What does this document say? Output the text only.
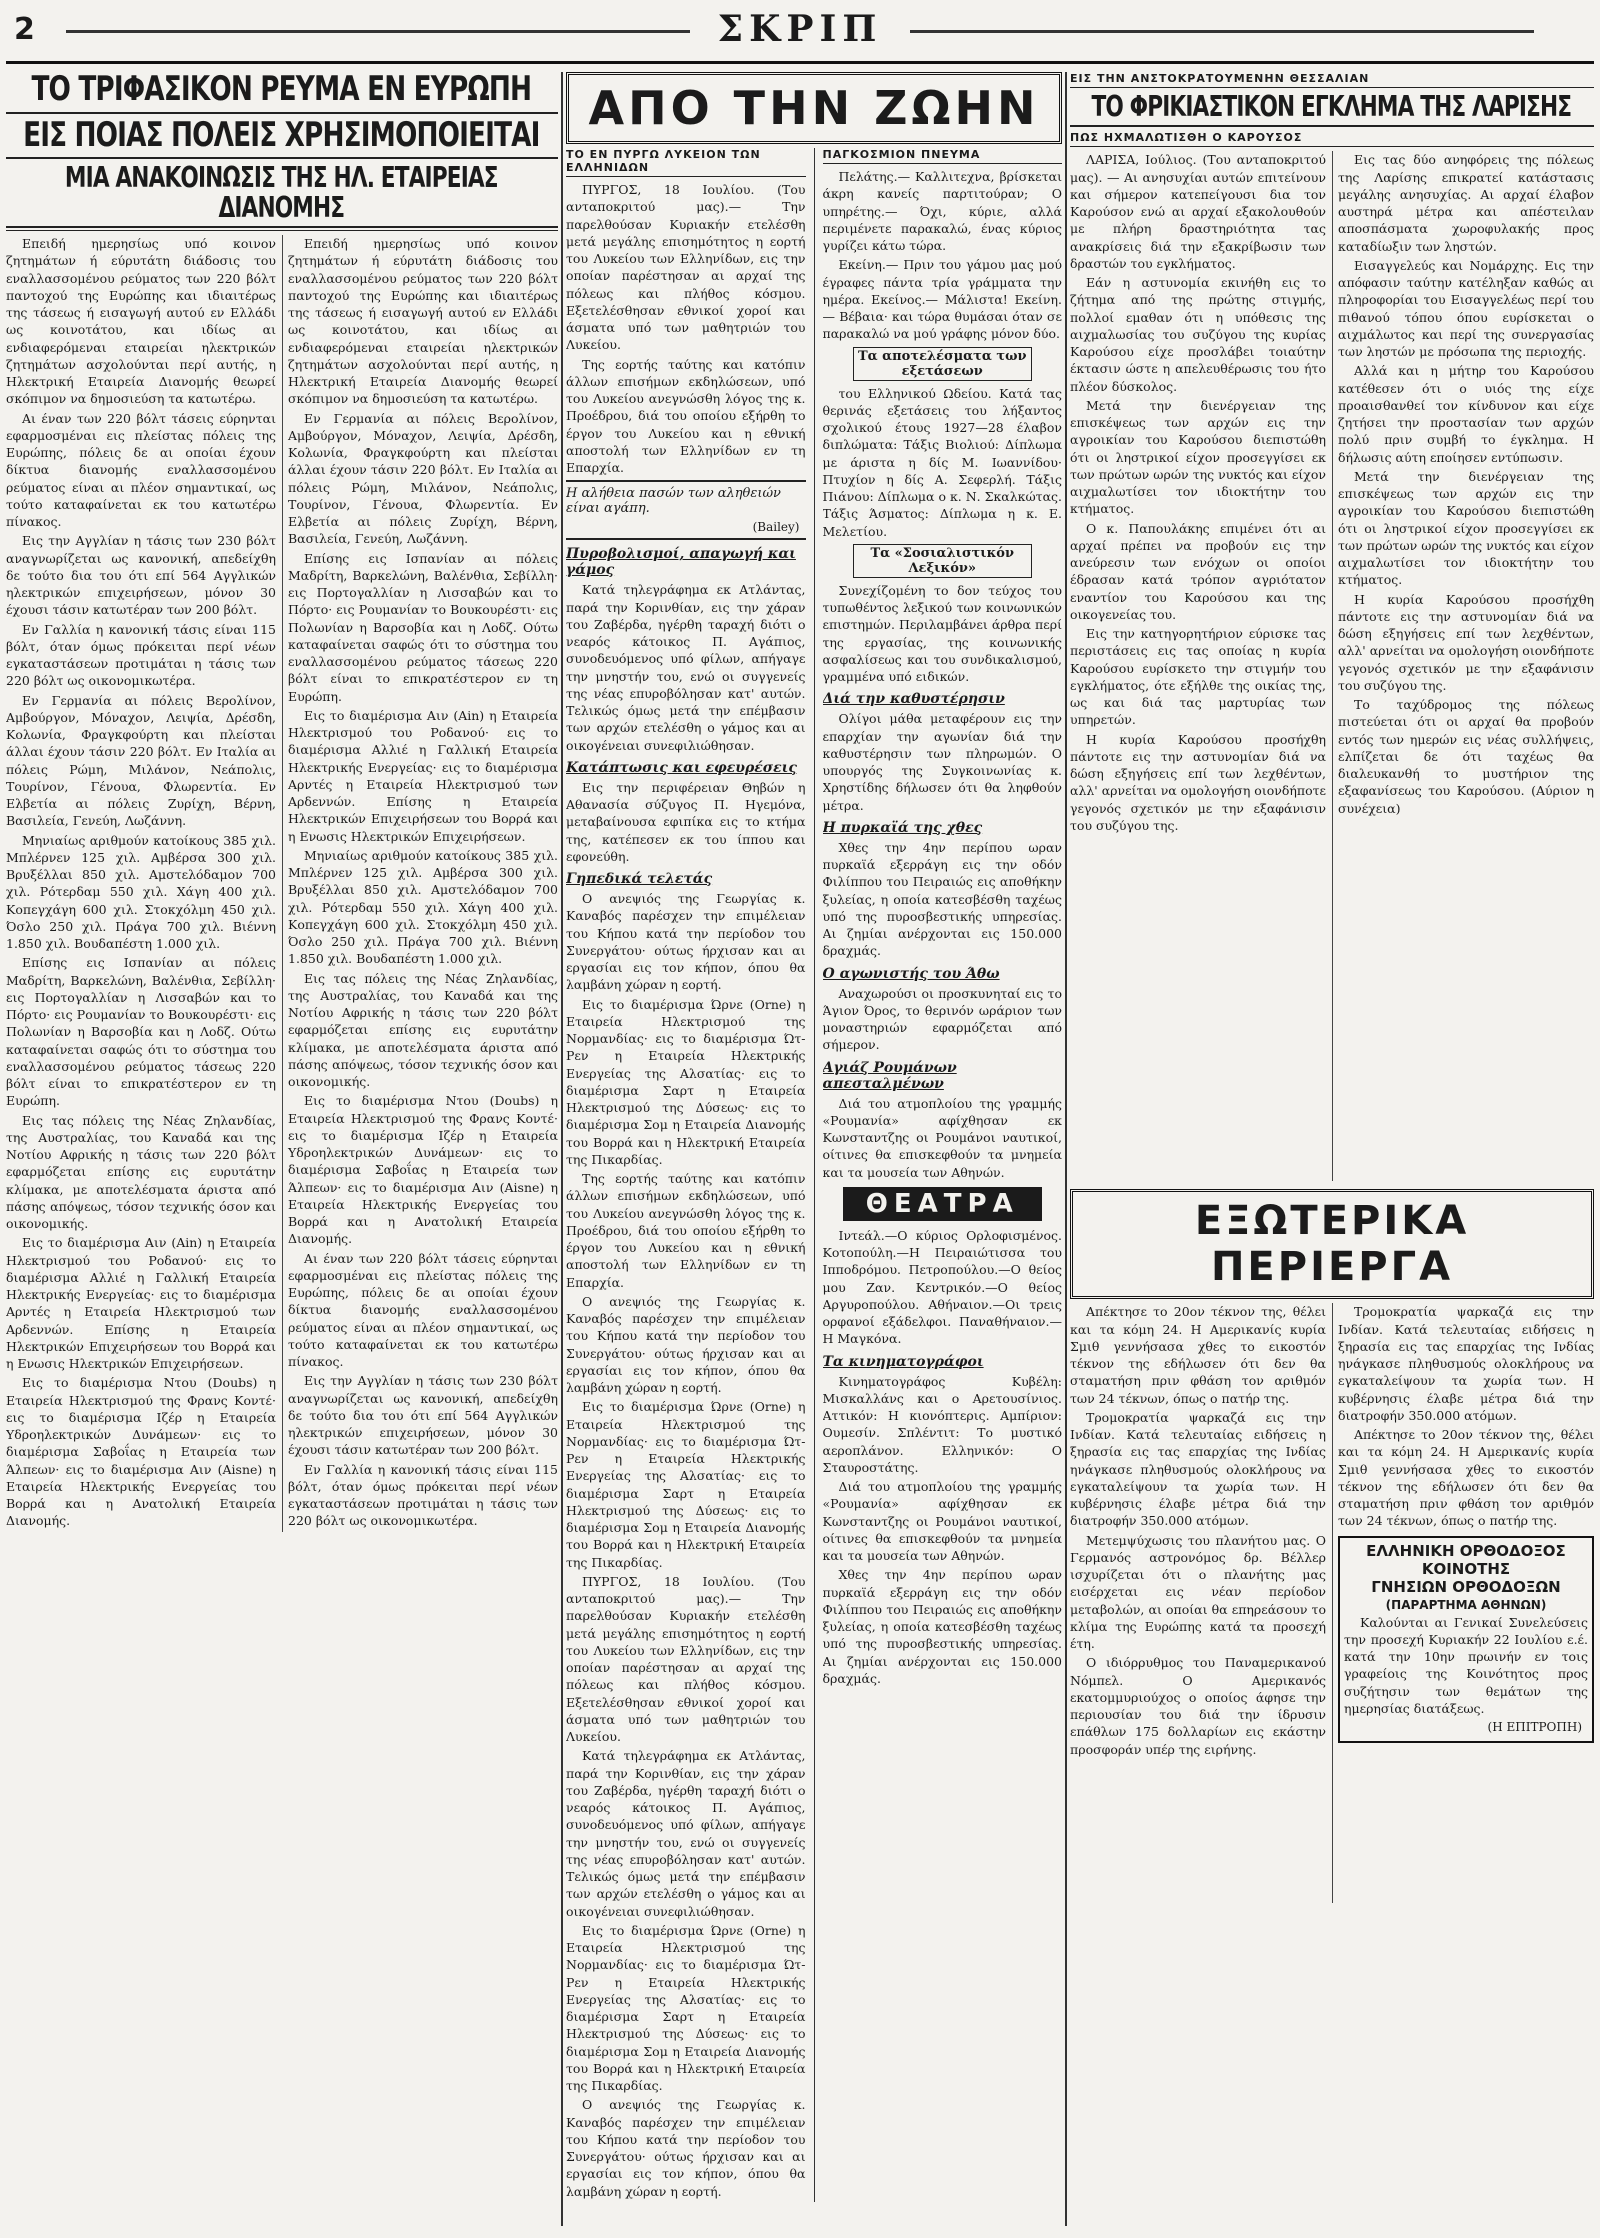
2	ΣΚΡΙΠ
ΤΟ ΤΡΙΦΑΣΙΚΟΝ ΡΕΥΜΑ ΕΝ ΕΥΡΩΠΗ
ΕΙΣ ΠΟΙΑΣ ΠΟΛΕΙΣ ΧΡΗΣΙΜΟΠΟΙΕΙΤΑΙ
ΜΙΑ ΑΝΑΚΟΙΝΩΣΙΣ ΤΗΣ ΗΛ. ΕΤΑΙΡΕΙΑΣ ΔΙΑΝΟΜΗΣ

Επειδή ημερησίως υπό κοινον ζητημάτων ή εύρυτάτη διάδοσις του εναλλασσομένου ρεύματος των 220 βόλτ παντοχού της Ευρώπης και ιδιαιτέρως της τάσεως ή εισαγωγή αυτού εν Ελλάδι ως κοινοτάτου, και ιδίως αι ενδιαφερόμεναι εταιρείαι ηλεκτρικών ζητημάτων ασχολούνται περί αυτής, η Ηλεκτρική Εταιρεία Διανομής θεωρεί σκόπιμον να δημοσιεύση τα κατωτέρω.

Αι έναν των 220 βόλτ τάσεις εύρηνται εφαρμοσμέναι εις πλείστας πόλεις της Ευρώπης, πόλεις δε αι οποίαι έχουν δίκτυα διανομής εναλλασσομένου ρεύματος είναι αι πλέον σημαντικαί, ως τούτο καταφαίνεται εκ του κατωτέρω πίνακος.

Εις την Αγγλίαν η τάσις των 230 βόλτ αναγνωρίζεται ως κανονική, απεδείχθη δε τούτο δια του ότι επί 564 Αγγλικών ηλεκτρικών επιχειρήσεων, μόνον 30 έχουσι τάσιν κατωτέραν των 200 βόλτ.

Εν Γαλλία η κανονική τάσις είναι 115 βόλτ, όταν όμως πρόκειται περί νέων εγκαταστάσεων προτιμάται η τάσις των 220 βόλτ ως οικονομικωτέρα.

Εν Γερμανία αι πόλεις Βερολίνον, Αμβούργον, Μόναχον, Λειψία, Δρέσδη, Κολωνία, Φραγκφούρτη και πλείσται άλλαι έχουν τάσιν 220 βόλτ. Εν Ιταλία αι πόλεις Ρώμη, Μιλάνον, Νεάπολις, Τουρίνον, Γένουα, Φλωρεντία. Εν Ελβετία αι πόλεις Ζυρίχη, Βέρνη, Βασιλεία, Γενεύη, Λωζάννη.

Μηνιαίως αριθμούν κατοίκους 385 χιλ. Μπλέρνεν 125 χιλ. Αμβέρσα 300 χιλ. Βρυξέλλαι 850 χιλ. Αμστελόδαμον 700 χιλ. Ρότερδαμ 550 χιλ. Χάγη 400 χιλ. Κοπεγχάγη 600 χιλ. Στοκχόλμη 450 χιλ. Όσλο 250 χιλ. Πράγα 700 χιλ. Βιέννη 1.850 χιλ. Βουδαπέστη 1.000 χιλ.

Επίσης εις Ισπανίαν αι πόλεις Μαδρίτη, Βαρκελώνη, Βαλένθια, Σεβίλλη· εις Πορτογαλλίαν η Λισσαβών και το Πόρτο· εις Ρουμανίαν το Βουκουρέστι· εις Πολωνίαν η Βαρσοβία και η Λοδζ. Ούτω καταφαίνεται σαφώς ότι το σύστημα του εναλλασσομένου ρεύματος τάσεως 220 βόλτ είναι το επικρατέστερον εν τη Ευρώπη.

Εις τας πόλεις της Νέας Ζηλανδίας, της Αυστραλίας, του Καναδά και της Νοτίου Αφρικής η τάσις των 220 βόλτ εφαρμόζεται επίσης εις ευρυτάτην κλίμακα, με αποτελέσματα άριστα από πάσης απόψεως, τόσον τεχνικής όσον και οικονομικής.

Εις το διαμέρισμα Αιν (Ain) η Εταιρεία Ηλεκτρισμού του Ροδανού· εις το διαμέρισμα Αλλιέ η Γαλλική Εταιρεία Ηλεκτρικής Ενεργείας· εις το διαμέρισμα Αρντές η Εταιρεία Ηλεκτρισμού των Αρδεννών. Επίσης η Εταιρεία Ηλεκτρικών Επιχειρήσεων του Βορρά και η Ενωσις Ηλεκτρικών Επιχειρήσεων.

Εις το διαμέρισμα Ντου (Doubs) η Εταιρεία Ηλεκτρισμού της Φρανς Κοντέ· εις το διαμέρισμα Ιζέρ η Εταιρεία Υδροηλεκτρικών Δυνάμεων· εις το διαμέρισμα Σαβοΐας η Εταιρεία των Άλπεων· εις το διαμέρισμα Αιν (Aisne) η Εταιρεία Ηλεκτρικής Ενεργείας του Βορρά και η Ανατολική Εταιρεία Διανομής.

Επειδή ημερησίως υπό κοινον ζητημάτων ή εύρυτάτη διάδοσις του εναλλασσομένου ρεύματος των 220 βόλτ παντοχού της Ευρώπης και ιδιαιτέρως της τάσεως ή εισαγωγή αυτού εν Ελλάδι ως κοινοτάτου, και ιδίως αι ενδιαφερόμεναι εταιρείαι ηλεκτρικών ζητημάτων ασχολούνται περί αυτής, η Ηλεκτρική Εταιρεία Διανομής θεωρεί σκόπιμον να δημοσιεύση τα κατωτέρω.

Εν Γερμανία αι πόλεις Βερολίνον, Αμβούργον, Μόναχον, Λειψία, Δρέσδη, Κολωνία, Φραγκφούρτη και πλείσται άλλαι έχουν τάσιν 220 βόλτ. Εν Ιταλία αι πόλεις Ρώμη, Μιλάνον, Νεάπολις, Τουρίνον, Γένουα, Φλωρεντία. Εν Ελβετία αι πόλεις Ζυρίχη, Βέρνη, Βασιλεία, Γενεύη, Λωζάννη.

Επίσης εις Ισπανίαν αι πόλεις Μαδρίτη, Βαρκελώνη, Βαλένθια, Σεβίλλη· εις Πορτογαλλίαν η Λισσαβών και το Πόρτο· εις Ρουμανίαν το Βουκουρέστι· εις Πολωνίαν η Βαρσοβία και η Λοδζ. Ούτω καταφαίνεται σαφώς ότι το σύστημα του εναλλασσομένου ρεύματος τάσεως 220 βόλτ είναι το επικρατέστερον εν τη Ευρώπη.

Εις το διαμέρισμα Αιν (Ain) η Εταιρεία Ηλεκτρισμού του Ροδανού· εις το διαμέρισμα Αλλιέ η Γαλλική Εταιρεία Ηλεκτρικής Ενεργείας· εις το διαμέρισμα Αρντές η Εταιρεία Ηλεκτρισμού των Αρδεννών. Επίσης η Εταιρεία Ηλεκτρικών Επιχειρήσεων του Βορρά και η Ενωσις Ηλεκτρικών Επιχειρήσεων.

Μηνιαίως αριθμούν κατοίκους 385 χιλ. Μπλέρνεν 125 χιλ. Αμβέρσα 300 χιλ. Βρυξέλλαι 850 χιλ. Αμστελόδαμον 700 χιλ. Ρότερδαμ 550 χιλ. Χάγη 400 χιλ. Κοπεγχάγη 600 χιλ. Στοκχόλμη 450 χιλ. Όσλο 250 χιλ. Πράγα 700 χιλ. Βιέννη 1.850 χιλ. Βουδαπέστη 1.000 χιλ.

Εις τας πόλεις της Νέας Ζηλανδίας, της Αυστραλίας, του Καναδά και της Νοτίου Αφρικής η τάσις των 220 βόλτ εφαρμόζεται επίσης εις ευρυτάτην κλίμακα, με αποτελέσματα άριστα από πάσης απόψεως, τόσον τεχνικής όσον και οικονομικής.

Εις το διαμέρισμα Ντου (Doubs) η Εταιρεία Ηλεκτρισμού της Φρανς Κοντέ· εις το διαμέρισμα Ιζέρ η Εταιρεία Υδροηλεκτρικών Δυνάμεων· εις το διαμέρισμα Σαβοΐας η Εταιρεία των Άλπεων· εις το διαμέρισμα Αιν (Aisne) η Εταιρεία Ηλεκτρικής Ενεργείας του Βορρά και η Ανατολική Εταιρεία Διανομής.

Αι έναν των 220 βόλτ τάσεις εύρηνται εφαρμοσμέναι εις πλείστας πόλεις της Ευρώπης, πόλεις δε αι οποίαι έχουν δίκτυα διανομής εναλλασσομένου ρεύματος είναι αι πλέον σημαντικαί, ως τούτο καταφαίνεται εκ του κατωτέρω πίνακος.

Εις την Αγγλίαν η τάσις των 230 βόλτ αναγνωρίζεται ως κανονική, απεδείχθη δε τούτο δια του ότι επί 564 Αγγλικών ηλεκτρικών επιχειρήσεων, μόνον 30 έχουσι τάσιν κατωτέραν των 200 βόλτ.

Εν Γαλλία η κανονική τάσις είναι 115 βόλτ, όταν όμως πρόκειται περί νέων εγκαταστάσεων προτιμάται η τάσις των 220 βόλτ ως οικονομικωτέρα.

ΑΠΟ ΤΗΝ ΖΩΗΝ
ΤΟ ΕΝ ΠΥΡΓΩ ΛΥΚΕΙΟΝ ΤΩΝ ΕΛΛΗΝΙΔΩΝ

ΠΥΡΓΟΣ, 18 Ιουλίου. (Του ανταποκριτού μας).— Την παρελθούσαν Κυριακήν ετελέσθη μετά μεγάλης επισημότητος η εορτή του Λυκείου των Ελληνίδων, εις την οποίαν παρέστησαν αι αρχαί της πόλεως και πλήθος κόσμου. Εξετελέσθησαν εθνικοί χοροί και άσματα υπό των μαθητριών του Λυκείου.

Της εορτής ταύτης και κατόπιν άλλων επισήμων εκδηλώσεων, υπό του Λυκείου ανεγνώσθη λόγος της κ. Προέδρου, διά του οποίου εξήρθη το έργον του Λυκείου και η εθνική αποστολή των Ελληνίδων εν τη Επαρχία.

Η αλήθεια πασών των αληθειών είναι αγάπη.
(Bailey)
Πυροβολισμοί, απαγωγή και γάμος

Κατά τηλεγράφημα εκ Ατλάντας, παρά την Κορινθίαν, εις την χάραν του Ζαβέρδα, ηγέρθη ταραχή διότι ο νεαρός κάτοικος Π. Αγάπιος, συνοδευόμενος υπό φίλων, απήγαγε την μνηστήν του, ενώ οι συγγενείς της νέας επυροβόλησαν κατ' αυτών. Τελικώς όμως μετά την επέμβασιν των αρχών ετελέσθη ο γάμος και αι οικογένειαι συνεφιλιώθησαν.

Κατάπτωσις και εφευρέσεις

Εις την περιφέρειαν Θηβών η Αθανασία σύζυγος Π. Ηγεμόνα, μεταβαίνουσα εφιπίκα εις το κτήμα της, κατέπεσεν εκ του ίππου και εφονεύθη.

Γηπεδικά τελετάς

Ο ανεψιός της Γεωργίας κ. Καναβός παρέσχεν την επιμέλειαν του Κήπου κατά την περίοδον του Συνεργάτου· ούτως ήρχισαν και αι εργασίαι εις τον κήπον, όπου θα λαμβάνη χώραν η εορτή.

Εις το διαμέρισμα Ώρνε (Orne) η Εταιρεία Ηλεκτρισμού της Νορμανδίας· εις το διαμέρισμα Ώτ-Ρεν η Εταιρεία Ηλεκτρικής Ενεργείας της Αλσατίας· εις το διαμέρισμα Σαρτ η Εταιρεία Ηλεκτρισμού της Δύσεως· εις το διαμέρισμα Σομ η Εταιρεία Διανομής του Βορρά και η Ηλεκτρική Εταιρεία της Πικαρδίας.

Της εορτής ταύτης και κατόπιν άλλων επισήμων εκδηλώσεων, υπό του Λυκείου ανεγνώσθη λόγος της κ. Προέδρου, διά του οποίου εξήρθη το έργον του Λυκείου και η εθνική αποστολή των Ελληνίδων εν τη Επαρχία.

Ο ανεψιός της Γεωργίας κ. Καναβός παρέσχεν την επιμέλειαν του Κήπου κατά την περίοδον του Συνεργάτου· ούτως ήρχισαν και αι εργασίαι εις τον κήπον, όπου θα λαμβάνη χώραν η εορτή.

Εις το διαμέρισμα Ώρνε (Orne) η Εταιρεία Ηλεκτρισμού της Νορμανδίας· εις το διαμέρισμα Ώτ-Ρεν η Εταιρεία Ηλεκτρικής Ενεργείας της Αλσατίας· εις το διαμέρισμα Σαρτ η Εταιρεία Ηλεκτρισμού της Δύσεως· εις το διαμέρισμα Σομ η Εταιρεία Διανομής του Βορρά και η Ηλεκτρική Εταιρεία της Πικαρδίας.

ΠΥΡΓΟΣ, 18 Ιουλίου. (Του ανταποκριτού μας).— Την παρελθούσαν Κυριακήν ετελέσθη μετά μεγάλης επισημότητος η εορτή του Λυκείου των Ελληνίδων, εις την οποίαν παρέστησαν αι αρχαί της πόλεως και πλήθος κόσμου. Εξετελέσθησαν εθνικοί χοροί και άσματα υπό των μαθητριών του Λυκείου.

Κατά τηλεγράφημα εκ Ατλάντας, παρά την Κορινθίαν, εις την χάραν του Ζαβέρδα, ηγέρθη ταραχή διότι ο νεαρός κάτοικος Π. Αγάπιος, συνοδευόμενος υπό φίλων, απήγαγε την μνηστήν του, ενώ οι συγγενείς της νέας επυροβόλησαν κατ' αυτών. Τελικώς όμως μετά την επέμβασιν των αρχών ετελέσθη ο γάμος και αι οικογένειαι συνεφιλιώθησαν.

Εις το διαμέρισμα Ώρνε (Orne) η Εταιρεία Ηλεκτρισμού της Νορμανδίας· εις το διαμέρισμα Ώτ-Ρεν η Εταιρεία Ηλεκτρικής Ενεργείας της Αλσατίας· εις το διαμέρισμα Σαρτ η Εταιρεία Ηλεκτρισμού της Δύσεως· εις το διαμέρισμα Σομ η Εταιρεία Διανομής του Βορρά και η Ηλεκτρική Εταιρεία της Πικαρδίας.

Ο ανεψιός της Γεωργίας κ. Καναβός παρέσχεν την επιμέλειαν του Κήπου κατά την περίοδον του Συνεργάτου· ούτως ήρχισαν και αι εργασίαι εις τον κήπον, όπου θα λαμβάνη χώραν η εορτή.

ΠΑΓΚΟΣΜΙΟΝ ΠΝΕΥΜΑ

Πελάτης.— Καλλιτεχνα, βρίσκεται άκρη κανείς παρτιτούραν; Ο υπηρέτης.— Όχι, κύριε, αλλά περιμένετε παρακαλώ, ένας κύριος γυρίζει κάτω τώρα.

Εκείνη.— Πριν του γάμου μας μού έγραφες πάντα τρία γράμματα την ημέρα. Εκείνος.— Μάλιστα! Εκείνη.— Βέβαια· και τώρα θυμάσαι όταν σε παρακαλώ να μού γράφης μόνον δύο.

Τα αποτελέσματα των εξετάσεων

του Ελληνικού Ωδείου. Κατά τας θερινάς εξετάσεις του λήξαντος σχολικού έτους 1927—28 έλαβον διπλώματα: Τάξις Βιολιού: Δίπλωμα με άριστα η δίς Μ. Ιωαννίδου· Πτυχίον η δίς Α. Σεφερλή. Τάξις Πιάνου: Δίπλωμα ο κ. Ν. Σκαλκώτας. Τάξις Άσματος: Δίπλωμα η κ. Ε. Μελετίου.

Τα «Σοσιαλιστικόν Λεξικόν»

Συνεχίζομένη το δον τεύχος του τυπωθέντος λεξικού των κοινωνικών επιστημών. Περιλαμβάνει άρθρα περί της εργασίας, της κοινωνικής ασφαλίσεως και του συνδικαλισμού, γραμμένα υπό ειδικών.

Διά την καθυστέρησιν

Ολίγοι μάθα μεταφέρουν εις την επαρχίαν την αγωνίαν διά την καθυστέρησιν των πληρωμών. Ο υπουργός της Συγκοινωνίας κ. Χρηστίδης δήλωσεν ότι θα ληφθούν μέτρα.

Η πυρκαϊά της χθες

Χθες την 4ην περίπου ωραν πυρκαϊά εξερράγη εις την οδόν Φιλίππου του Πειραιώς εις αποθήκην ξυλείας, η οποία κατεσβέσθη ταχέως υπό της πυροσβεστικής υπηρεσίας. Αι ζημίαι ανέρχονται εις 150.000 δραχμάς.

Ο αγωνιστής του Άθω

Αναχωρούσι οι προσκυνηταί εις το Άγιον Όρος, το θερινόν ωράριον των μοναστηριών εφαρμόζεται από σήμερον.

Αγιάζ Ρουμάνων απεσταλμένων

Διά του ατμοπλοίου της γραμμής «Ρουμανία» αφίχθησαν εκ Κωνσταντζης οι Ρουμάνοι ναυτικοί, οίτινες θα επισκεφθούν τα μνημεία και τα μουσεία των Αθηνών.

ΘΕΑΤΡΑ

Ιντεάλ.—Ο κύριος Ορλοφισμένος. Κοτοπούλη.—Η Πειραιώτισσα του Ιπποδρόμου. Πετροπούλου.—Ο θείος μου Ζαν. Κεντρικόν.—Ο θείος Αργυροπούλου. Αθήναιον.—Οι τρεις ορφανοί εξάδελφοι. Παναθήναιον.—Η Μαγκόνα.

Τα κινηματογράφοι

Κινηματογράφος Κυβέλη: Μισκαλλάνς και ο Αρετουσίνιος. Αττικόν: Η κιονόπτερις. Αμπίριον: Ουμεσίν. Σπλέντιτ: Το μυστικό αεροπλάνον. Ελληνικόν: Ο Σταυροστάτης.

Διά του ατμοπλοίου της γραμμής «Ρουμανία» αφίχθησαν εκ Κωνσταντζης οι Ρουμάνοι ναυτικοί, οίτινες θα επισκεφθούν τα μνημεία και τα μουσεία των Αθηνών.

Χθες την 4ην περίπου ωραν πυρκαϊά εξερράγη εις την οδόν Φιλίππου του Πειραιώς εις αποθήκην ξυλείας, η οποία κατεσβέσθη ταχέως υπό της πυροσβεστικής υπηρεσίας. Αι ζημίαι ανέρχονται εις 150.000 δραχμάς.

ΕΙΣ ΤΗΝ ΑΝΣΤΟΚΡΑΤΟΥΜΕΝΗΝ ΘΕΣΣΑΛΙΑΝ
ΤΟ ΦΡΙΚΙΑΣΤΙΚΟΝ ΕΓΚΛΗΜΑ ΤΗΣ ΛΑΡΙΣΗΣ
ΠΩΣ ΗΧΜΑΛΩΤΙΣΘΗ Ο ΚΑΡΟΥΣΟΣ

ΛΑΡΙΣΑ, Ιούλιος. (Του ανταποκριτού μας). — Αι ανησυχίαι αυτών επιτείνουν και σήμερον κατεπείγουσι δια τον Καρούσον ενώ αι αρχαί εξακολουθούν με πλήρη δραστηριότητα τας ανακρίσεις διά την εξακρίβωσιν των δραστών του εγκλήματος.

Εάν η αστυνομία εκινήθη εις το ζήτημα από της πρώτης στιγμής, πολλοί εμαθαν ότι η υπόθεσις της αιχμαλωσίας του συζύγου της κυρίας Καρούσου είχε προσλάβει τοιαύτην έκτασιν ώστε η απελευθέρωσις του ήτο πλέον δύσκολος.

Μετά την διενέργειαν της επισκέψεως των αρχών εις την αγροικίαν του Καρούσου διεπιστώθη ότι οι ληστρικοί είχον προσεγγίσει εκ των πρώτων ωρών της νυκτός και είχον αιχμαλωτίσει τον ιδιοκτήτην του κτήματος.

Ο κ. Παπουλάκης επιμένει ότι αι αρχαί πρέπει να προβούν εις την ανεύρεσιν των ενόχων οι οποίοι έδρασαν κατά τρόπον αγριότατον εναντίον του Καρούσου και της οικογενείας του.

Εις την κατηγορητήριον εύρισκε τας περιστάσεις εις τας οποίας η κυρία Καρούσου ευρίσκετο την στιγμήν του εγκλήματος, ότε εξήλθε της οικίας της, ως και διά τας μαρτυρίας των υπηρετών.

Η κυρία Καρούσου προσήχθη πάντοτε εις την αστυνομίαν διά να δώση εξηγήσεις επί των λεχθέντων, αλλ' αρνείται να ομολογήση οιονδήποτε γεγονός σχετικόν με την εξαφάνισιν του συζύγου της.

Εις τας δύο ανηφόρεις της πόλεως της Λαρίσης επικρατεί κατάστασις μεγάλης ανησυχίας. Αι αρχαί έλαβον αυστηρά μέτρα και απέστειλαν αποσπάσματα χωροφυλακής προς καταδίωξιν των ληστών.

Εισαγγελεύς και Νομάρχης. Εις την απόφασιν ταύτην κατέληξαν καθώς αι πληροφορίαι του Εισαγγελέως περί του πιθανού τόπου όπου ευρίσκεται ο αιχμάλωτος και περί της συνεργασίας των ληστών με πρόσωπα της περιοχής.

Αλλά και η μήτηρ του Καρούσου κατέθεσεν ότι ο υιός της είχε προαισθανθεί τον κίνδυνον και είχε ζητήσει την προστασίαν των αρχών πολύ πριν συμβή το έγκλημα. Η δήλωσις αύτη εποίησεν εντύπωσιν.

Μετά την διενέργειαν της επισκέψεως των αρχών εις την αγροικίαν του Καρούσου διεπιστώθη ότι οι ληστρικοί είχον προσεγγίσει εκ των πρώτων ωρών της νυκτός και είχον αιχμαλωτίσει τον ιδιοκτήτην του κτήματος.

Η κυρία Καρούσου προσήχθη πάντοτε εις την αστυνομίαν διά να δώση εξηγήσεις επί των λεχθέντων, αλλ' αρνείται να ομολογήση οιονδήποτε γεγονός σχετικόν με την εξαφάνισιν του συζύγου της.

Το ταχύδρομος της πόλεως πιστεύεται ότι οι αρχαί θα προβούν εντός των ημερών εις νέας συλλήψεις, ελπίζεται δε ότι ταχέως θα διαλευκανθή το μυστήριον της εξαφανίσεως του Καρούσου. (Αύριον η συνέχεια)

ΕΞΩΤΕΡΙΚΑ ΠΕΡΙΕΡΓΑ

Απέκτησε το 20ον τέκνον της, θέλει και τα κόμη 24. Η Αμερικανίς κυρία Σμιθ γεννήσασα χθες το εικοστόν τέκνον της εδήλωσεν ότι δεν θα σταματήση πριν φθάση τον αριθμόν των 24 τέκνων, όπως ο πατήρ της.

Τρομοκρατία ψαρκαζά εις την Ινδίαν. Κατά τελευταίας ειδήσεις η ξηρασία εις τας επαρχίας της Ινδίας ηνάγκασε πληθυσμούς ολοκλήρους να εγκαταλείψουν τα χωρία των. Η κυβέρνησις έλαβε μέτρα διά την διατροφήν 350.000 ατόμων.

Μετεμψύχωσις του πλανήτου μας. Ο Γερμανός αστρονόμος δρ. Βέλλερ ισχυρίζεται ότι ο πλανήτης μας εισέρχεται εις νέαν περίοδον μεταβολών, αι οποίαι θα επηρεάσουν το κλίμα της Ευρώπης κατά τα προσεχή έτη.

Ο ιδιόρρυθμος του Παναμερικανού Νόμπελ. Ο Αμερικανός εκατομμυριούχος ο οποίος άφησε την περιουσίαν του διά την ίδρυσιν επάθλων 175 δολλαρίων εις εκάστην προσφοράν υπέρ της ειρήνης.

Τρομοκρατία ψαρκαζά εις την Ινδίαν. Κατά τελευταίας ειδήσεις η ξηρασία εις τας επαρχίας της Ινδίας ηνάγκασε πληθυσμούς ολοκλήρους να εγκαταλείψουν τα χωρία των. Η κυβέρνησις έλαβε μέτρα διά την διατροφήν 350.000 ατόμων.

Απέκτησε το 20ον τέκνον της, θέλει και τα κόμη 24. Η Αμερικανίς κυρία Σμιθ γεννήσασα χθες το εικοστόν τέκνον της εδήλωσεν ότι δεν θα σταματήση πριν φθάση τον αριθμόν των 24 τέκνων, όπως ο πατήρ της.

ΕΛΛΗΝΙΚΗ ΟΡΘΟΔΟΞΟΣ ΚΟΙΝΟΤΗΣ
ΓΝΗΣΙΩΝ ΟΡΘΟΔΟΞΩΝ
(ΠΑΡΑΡΤΗΜΑ ΑΘΗΝΩΝ)

Καλούνται αι Γενικαί Συνελεύσεις την προσεχή Κυριακήν 22 Ιουλίου ε.έ. κατά την 10ην πρωινήν εν τοις γραφείοις της Κοινότητος προς συζήτησιν των θεμάτων της ημερησίας διατάξεως.

(Η ΕΠΙΤΡΟΠΗ)
